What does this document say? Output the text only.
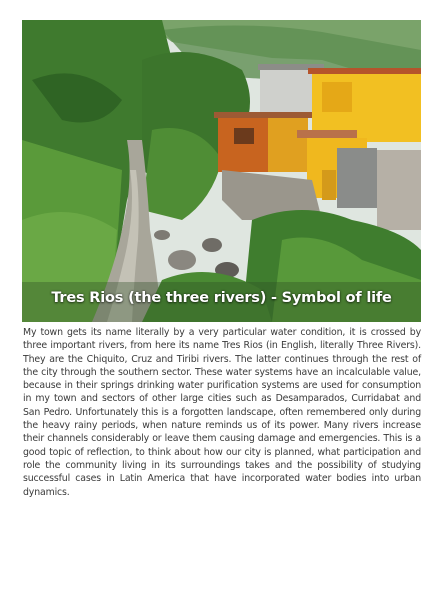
Tres Rios (the three rivers) - Symbol of life

My town gets its name literally by a very particular water condition, it is crossed by three important rivers, from here its name Tres Rios (in English, literally Three Rivers). They are the Chiquito, Cruz and Tiribi rivers. The latter continues through the rest of the city through the southern sector. These water systems have an incalculable value, because in their springs drinking water purification systems are used for consumption in my town and sectors of other large cities such as Desamparados, Curridabat and San Pedro. Unfortunately this is a forgotten landscape, often remembered only during the heavy rainy periods, when nature reminds us of its power. Many rivers increase their channels considerably or leave them causing damage and emergencies. This is a good topic of reflection, to think about how our city is planned, what participation and role the community living in its surroundings takes and the possibility of studying successful cases in Latin America that have incorporated water bodies into urban dynamics.
